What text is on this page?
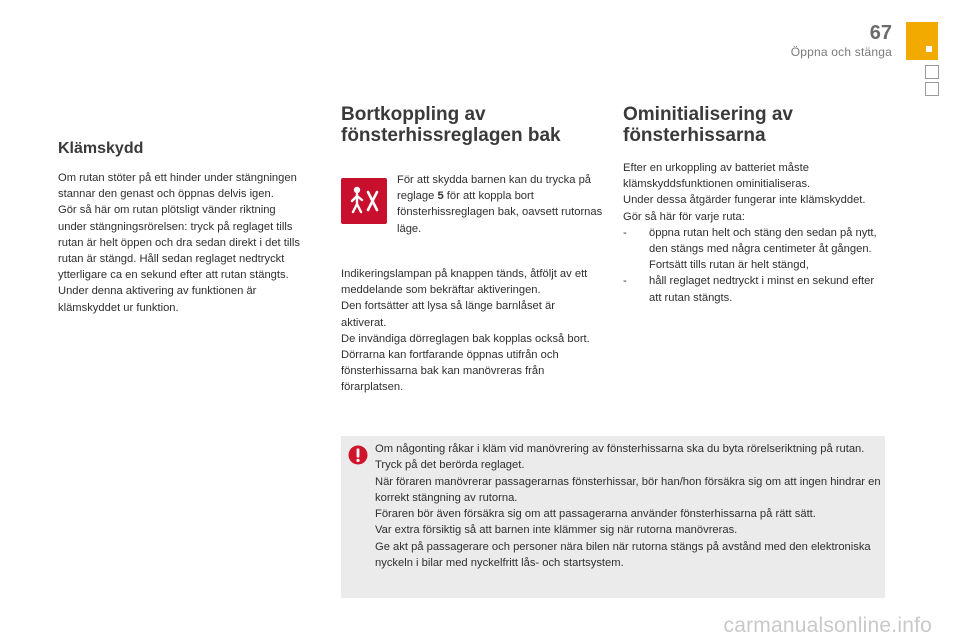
67
Öppna och stänga
Klämskydd

Om rutan stöter på ett hinder under stängningen stannar den genast och öppnas delvis igen.

Gör så här om rutan plötsligt vänder riktning under stängningsrörelsen: tryck på reglaget tills rutan är helt öppen och dra sedan direkt i det tills rutan är stängd. Håll sedan reglaget nedtryckt ytterligare ca en sekund efter att rutan stängts.

Under denna aktivering av funktionen är klämskyddet ur funktion.

Bortkoppling av
fönsterhissreglagen bak
För att skydda barnen kan du trycka på reglage 5 för att koppla bort fönsterhissreglagen bak, oavsett rutornas läge.

Indikeringslampan på knappen tänds, åtföljt av ett meddelande som bekräftar aktiveringen.

Den fortsätter att lysa så länge barnlåset är aktiverat.

De invändiga dörreglagen bak kopplas också bort.

Dörrarna kan fortfarande öppnas utifrån och fönsterhissarna bak kan manövreras från förarplatsen.

Ominitialisering av
fönsterhissarna

Efter en urkoppling av batteriet måste klämskyddsfunktionen ominitialiseras.

Under dessa åtgärder fungerar inte klämskyddet.

Gör så här för varje ruta:

- öppna rutan helt och stäng den sedan på nytt, den stängs med några centimeter åt gången. Fortsätt tills rutan är helt stängd,
- håll reglaget nedtryckt i minst en sekund efter att rutan stängts.

Om någonting råkar i kläm vid manövrering av fönsterhissarna ska du byta rörelseriktning på rutan. Tryck på det berörda reglaget.

När föraren manövrerar passagerarnas fönsterhissar, bör han/hon försäkra sig om att ingen hindrar en korrekt stängning av rutorna.

Föraren bör även försäkra sig om att passagerarna använder fönsterhissarna på rätt sätt.

Var extra försiktig så att barnen inte klämmer sig när rutorna manövreras.

Ge akt på passagerare och personer nära bilen när rutorna stängs på avstånd med den elektroniska nyckeln i bilar med nyckelfritt lås- och startsystem.

carmanualsonline.info
